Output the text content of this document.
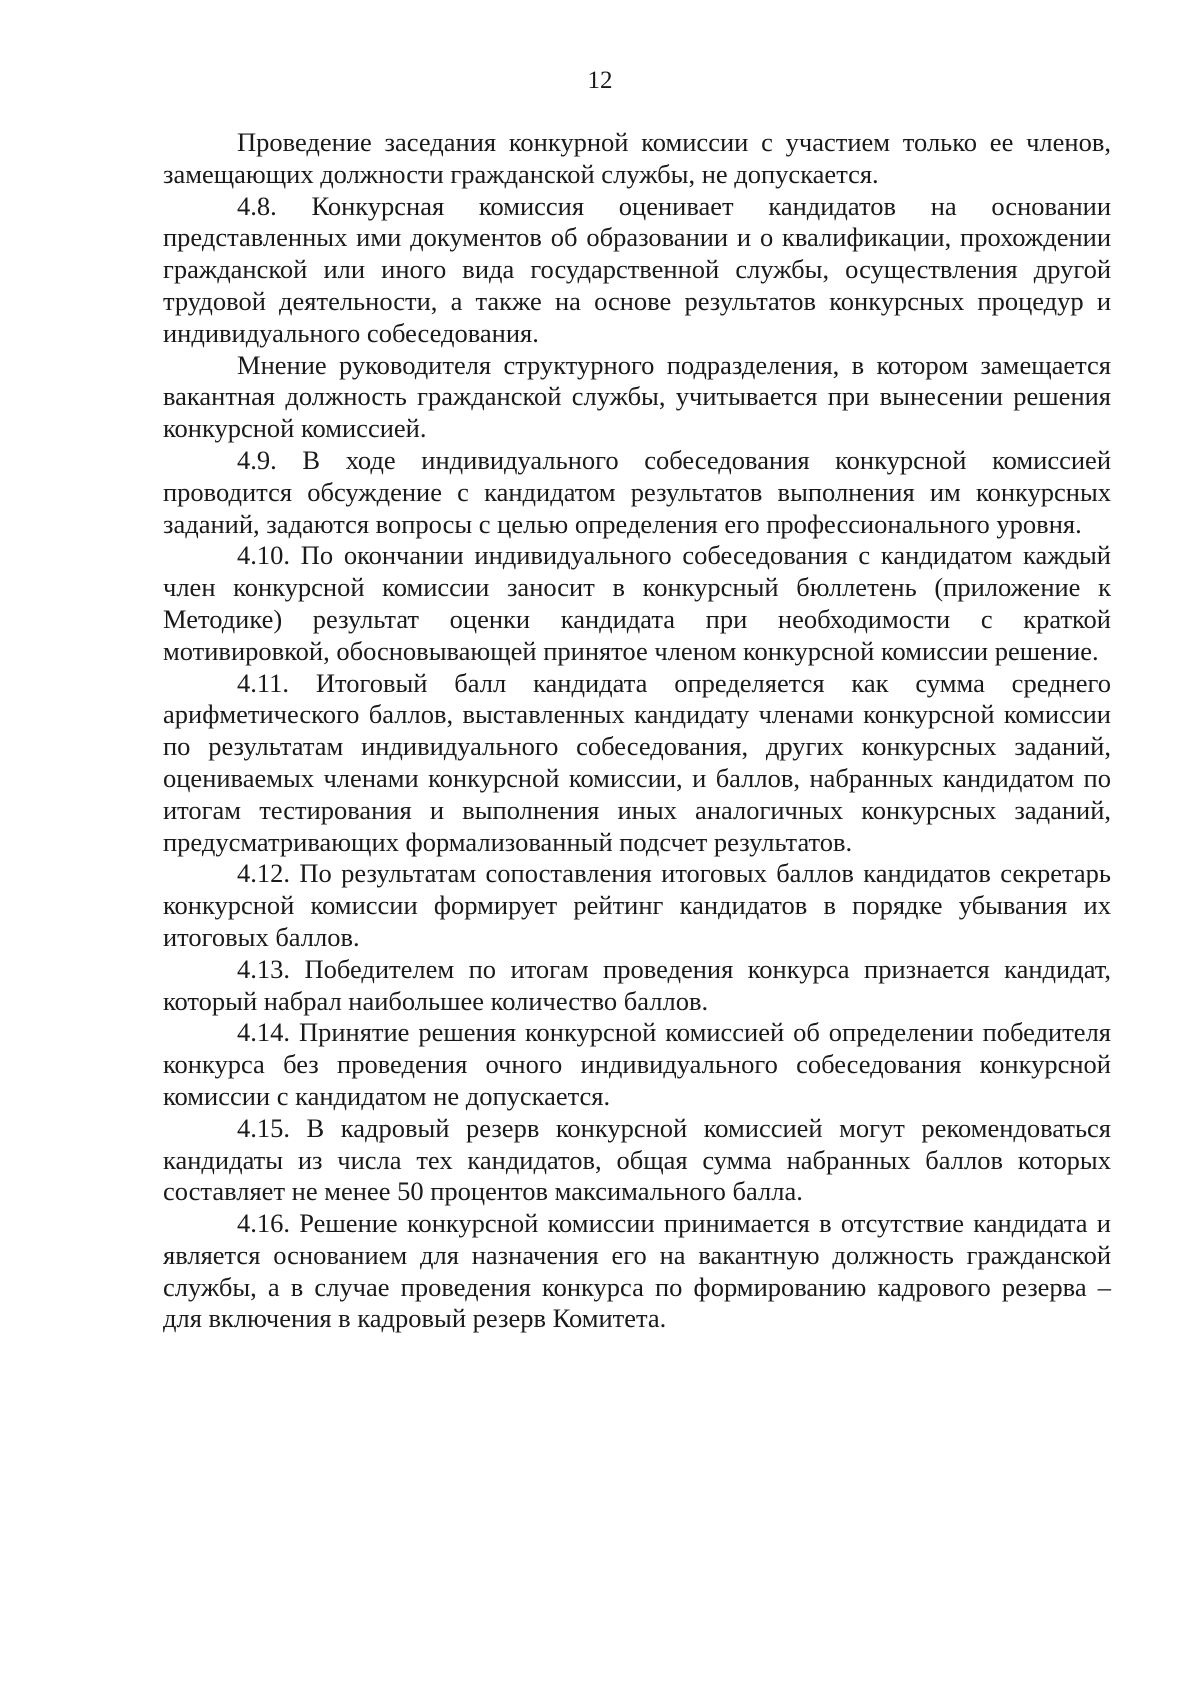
12

Проведение заседания конкурной комиссии с участием только ее членов, замещающих должности гражданской службы, не допускается.

4.8. Конкурсная комиссия оценивает кандидатов на основании представленных ими документов об образовании и о квалификации, прохождении гражданской или иного вида государственной службы, осуществления другой трудовой деятельности, а также на основе результатов конкурсных процедур и индивидуального собеседования.

Мнение руководителя структурного подразделения, в котором замещается вакантная должность гражданской службы, учитывается при вынесении решения конкурсной комиссией.

4.9. В ходе индивидуального собеседования конкурсной комиссией проводится обсуждение с кандидатом результатов выполнения им конкурсных заданий, задаются вопросы с целью определения его профессионального уровня.

4.10. По окончании индивидуального собеседования с кандидатом каждый член конкурсной комиссии заносит в конкурсный бюллетень (приложение к Методике) результат оценки кандидата при необходимости с краткой мотивировкой, обосновывающей принятое членом конкурсной комиссии решение.

4.11. Итоговый балл кандидата определяется как сумма среднего арифметического баллов, выставленных кандидату членами конкурсной комиссии по результатам индивидуального собеседования, других конкурсных заданий, оцениваемых членами конкурсной комиссии, и баллов, набранных кандидатом по итогам тестирования и выполнения иных аналогичных конкурсных заданий, предусматривающих формализованный подсчет результатов.

4.12. По результатам сопоставления итоговых баллов кандидатов секретарь конкурсной комиссии формирует рейтинг кандидатов в порядке убывания их итоговых баллов.

4.13. Победителем по итогам проведения конкурса признается кандидат, который набрал наибольшее количество баллов.

4.14. Принятие решения конкурсной комиссией об определении победителя конкурса без проведения очного индивидуального собеседования конкурсной комиссии с кандидатом не допускается.

4.15. В кадровый резерв конкурсной комиссией могут рекомендоваться кандидаты из числа тех кандидатов, общая сумма набранных баллов которых составляет не менее 50 процентов максимального балла.

4.16. Решение конкурсной комиссии принимается в отсутствие кандидата и является основанием для назначения его на вакантную должность гражданской службы, а в случае проведения конкурса по формированию кадрового резерва – для включения в кадровый резерв Комитета.
